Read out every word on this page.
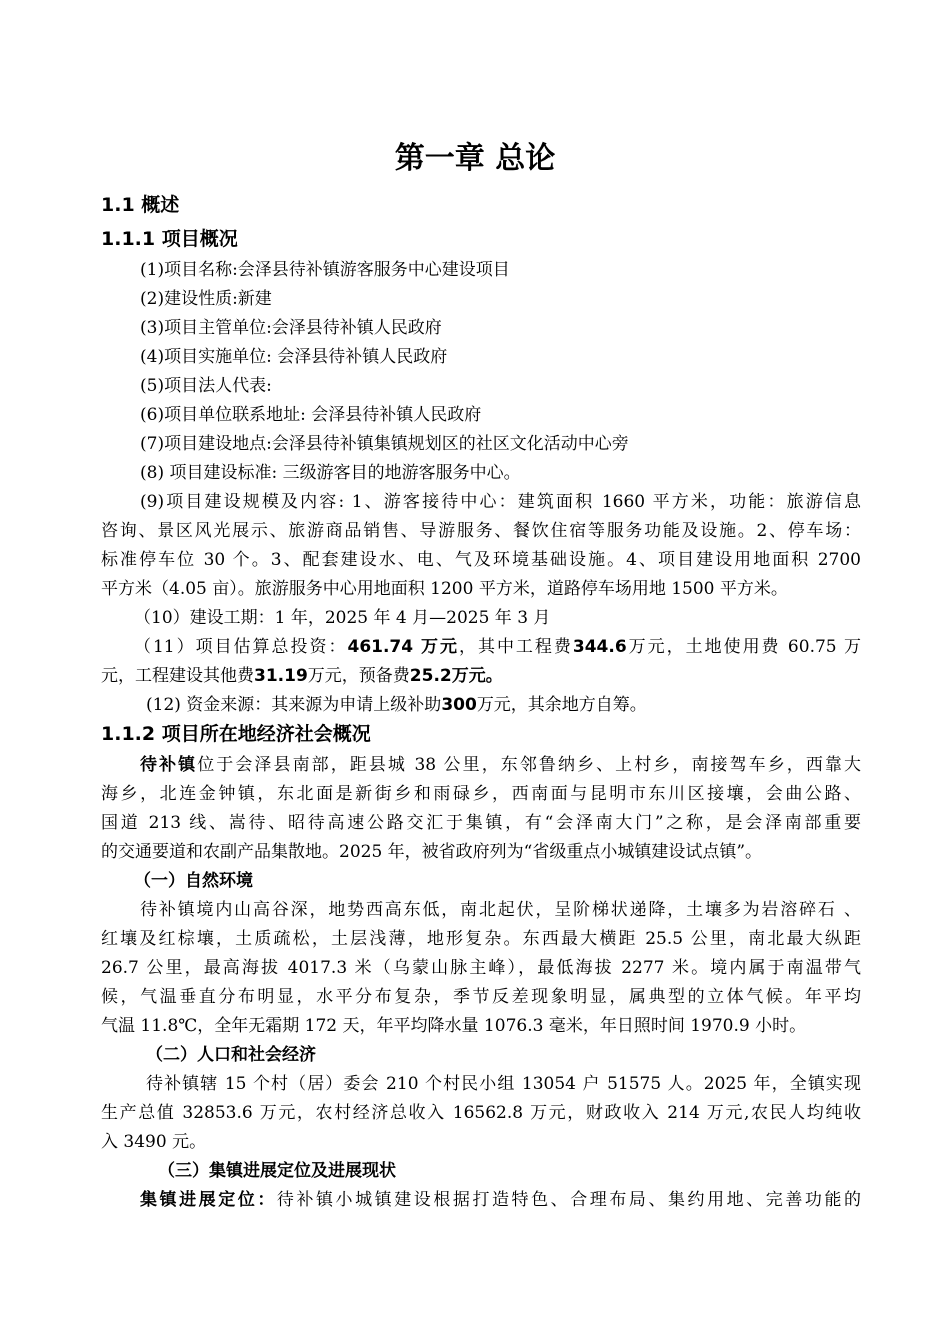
第一章 总论

1.1 概述

1.1.1 项目概况

(1)项目名称:会泽县待补镇游客服务中心建设项目

(2)建设性质:新建

(3)项目主管单位:会泽县待补镇人民政府

(4)项目实施单位: 会泽县待补镇人民政府

(5)项目法人代表:

(6)项目单位联系地址: 会泽县待补镇人民政府

(7)项目建设地点:会泽县待补镇集镇规划区的社区文化活动中心旁

(8) 项目建设标准: 三级游客目的地游客服务中心。

(9)项目建设规模及内容: 1、游客接待中心：建筑面积 1660 平方米，功能：旅游信息

咨询、景区风光展示、旅游商品销售、导游服务、餐饮住宿等服务功能及设施。2、停车场：

标准停车位 30 个。3、配套建设水、电、气及环境基础设施。4、项目建设用地面积 2700

平方米（4.05 亩）。旅游服务中心用地面积 1200 平方米，道路停车场用地 1500 平方米。

（10）建设工期：1 年，2025 年 4 月—2025 年 3 月

（11）项目估算总投资：461.74 万元，其中工程费344.6万元，土地使用费 60.75 万

元，工程建设其他费31.19万元，预备费25.2万元。

(12) 资金来源：其来源为申请上级补助300万元，其余地方自筹。

1.1.2 项目所在地经济社会概况

待补镇位于会泽县南部，距县城 38 公里，东邻鲁纳乡、上村乡，南接驾车乡，西靠大

海乡，北连金钟镇，东北面是新街乡和雨碌乡，西南面与昆明市东川区接壤，会曲公路、

国道 213 线、嵩待、昭待高速公路交汇于集镇，有“会泽南大门”之称，是会泽南部重要

的交通要道和农副产品集散地。2025 年，被省政府列为“省级重点小城镇建设试点镇”。

（一）自然环境

待补镇境内山高谷深，地势西高东低，南北起伏，呈阶梯状递降，土壤多为岩溶碎石 、

红壤及红棕壤，土质疏松，土层浅薄，地形复杂。东西最大横距 25.5 公里，南北最大纵距

26.7 公里，最高海拔 4017.3 米（乌蒙山脉主峰），最低海拔 2277 米。境内属于南温带气

候，气温垂直分布明显，水平分布复杂，季节反差现象明显，属典型的立体气候。年平均

气温 11.8℃，全年无霜期 172 天，年平均降水量 1076.3 毫米，年日照时间 1970.9 小时。

（二）人口和社会经济

待补镇辖 15 个村（居）委会 210 个村民小组 13054 户 51575 人。2025 年，全镇实现

生产总值 32853.6 万元，农村经济总收入 16562.8 万元，财政收入 214 万元,农民人均纯收

入 3490 元。

（三）集镇进展定位及进展现状

集镇进展定位：待补镇小城镇建设根据打造特色、合理布局、集约用地、完善功能的
